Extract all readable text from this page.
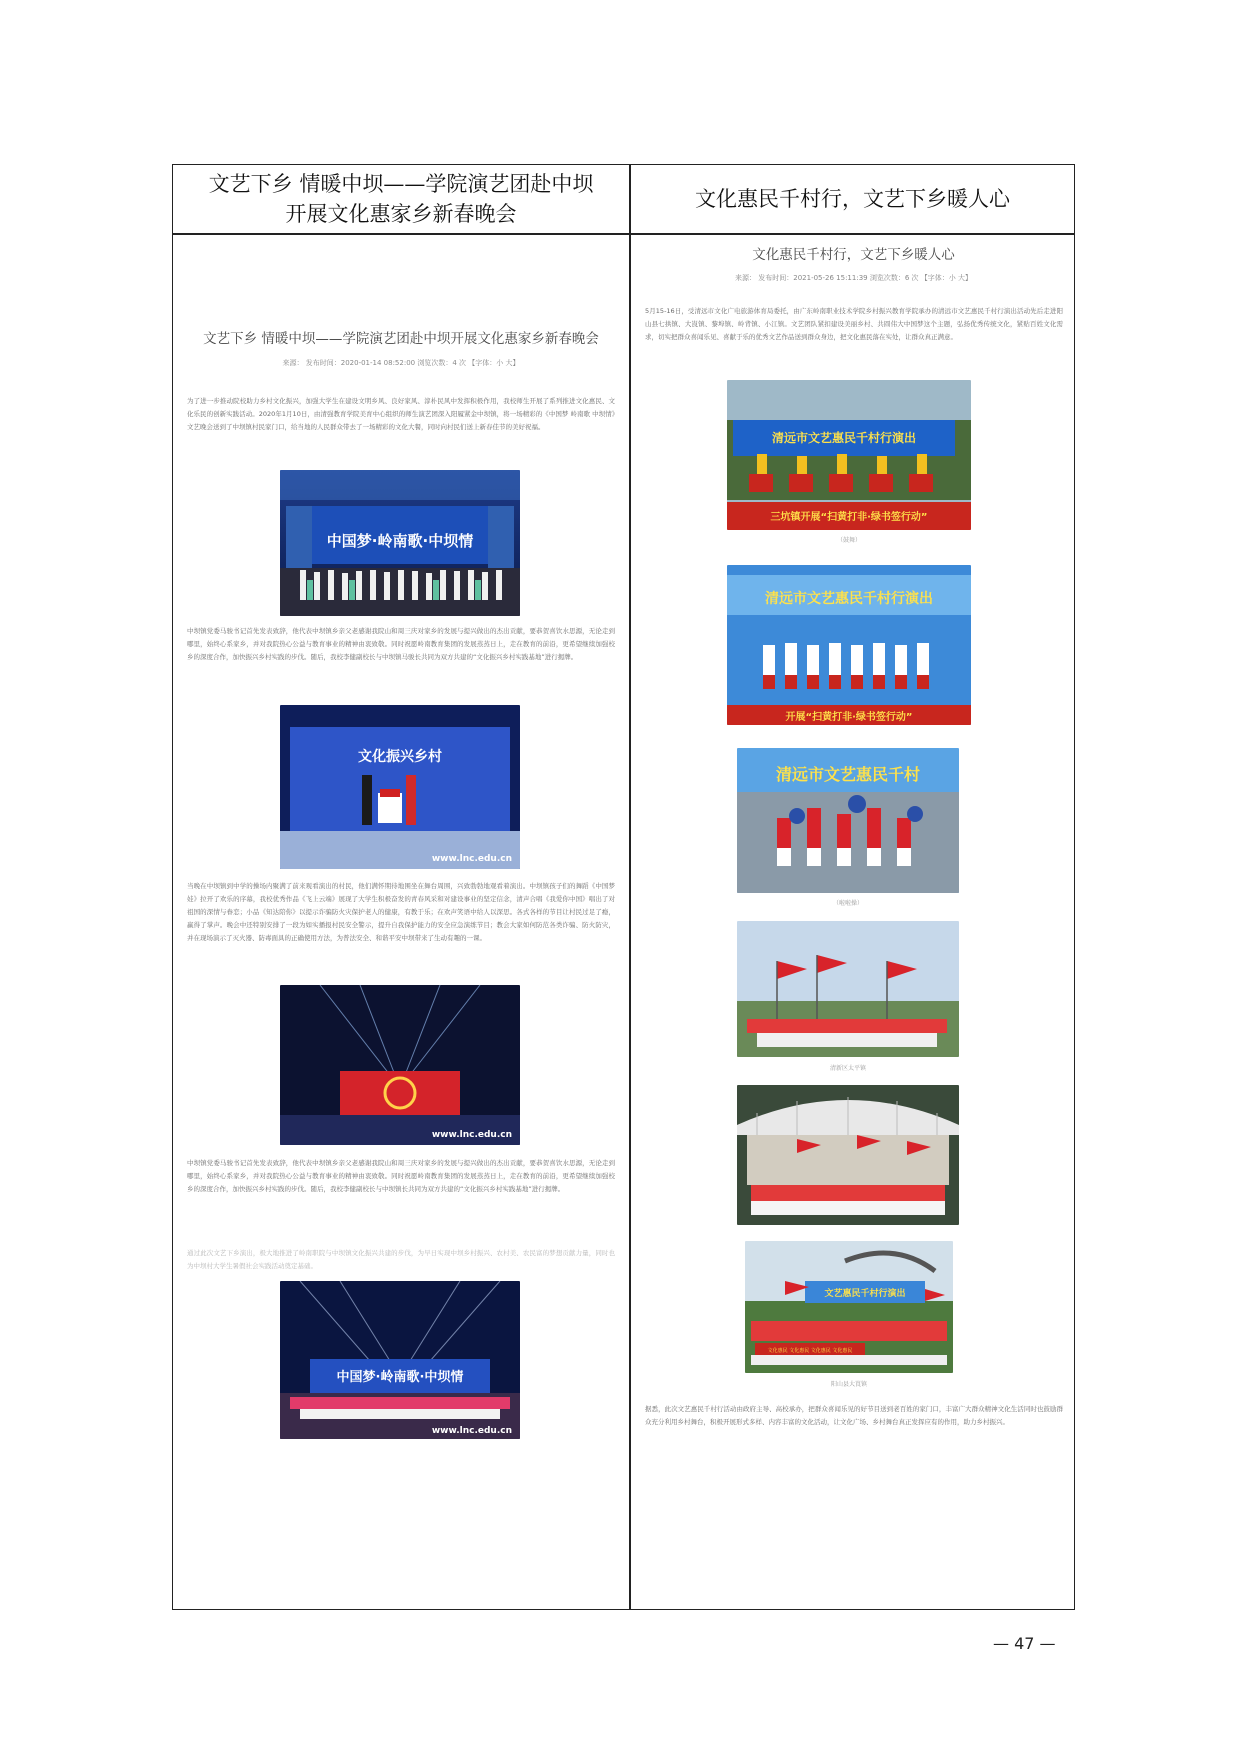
文艺下乡 情暖中坝——学院演艺团赴中坝
开展文化惠家乡新春晚会
文化惠民千村行，文艺下乡暖人心
文艺下乡 情暖中坝——学院演艺团赴中坝开展文化惠家乡新春晚会
来源： 发布时间：2020-01-14 08:52:00 浏览次数：4 次 【字体：小 大】
为了进一步推动院校助力乡村文化振兴，加强大学生在建设文明乡风、良好家风、淳朴民风中发挥积极作用，我校师生开展了系列推进文化惠民、文化乐民的创新实践活动。2020年1月10日，由清强教育学院美育中心组织的师生演艺团深入阳履紧金中坝镇，将一场精彩的《中国梦 岭南歌 中坝情》文艺晚会送到了中坝镇村民家门口，给当地的人民群众带去了一场精彩的文化大餐，同时向村民们送上新春佳节的美好祝福。
中国梦·岭南歌·中坝情
中坝镇党委马骏书记首先发表致辞，他代表中坝镇乡亲父老感谢我院山和周三庆对家乡的发展与提兴做出的杰出贡献，要恭贺喜饮水思源，无论走到哪里，始终心系家乡，并对我院热心公益与教育事业的精神由衷致敬。同时祝愿岭南教育集团的发展蒸蒸日上，走在教育的前沿，更希望继续加强校乡的深度合作，加快振兴乡村实践的步伐。随后，我校李健副校长与中坝镇马骏长共同为双方共建的“文化振兴乡村实践基地”进行揭牌。
文化振兴乡村
www.lnc.edu.cn
当晚在中坝镇到中学的操场内聚满了前来观看演出的村民，他们满怀期待地围坐在舞台周围，兴致勃勃地观看着演出。中坝镇孩子们的舞蹈《中国梦娃》拉开了欢乐的序幕，我校优秀作品《飞上云端》展现了大学生积极奋发的青春风采和对建设事业的坚定信念，清声合唱《我爱你中国》唱出了对祖国的深情与眷恋；小品《知达陪你》以提示诈骗防火灾保护老人的健康，有教于乐；在欢声笑语中给人以深思。各式各样的节目让村民过足了瘾，赢得了掌声。晚会中还特别安排了一段为如实播报村民安全警示，提升自我保护能力的安全应急演练节目；教会大家如何防范各类诈骗、防火防灾，并在现场演示了灭火器、防毒面具的正确使用方法，为普法安全、和谐平安中坝带来了生动有趣的一课。
www.lnc.edu.cn
中坝镇党委马骏书记首先发表致辞，他代表中坝镇乡亲父老感谢我院山和周三庆对家乡的发展与提兴做出的杰出贡献，要恭贺喜饮水思源，无论走到哪里，始终心系家乡，并对我院热心公益与教育事业的精神由衷致敬。同时祝愿岭南教育集团的发展蒸蒸日上，走在教育的前沿，更希望继续加强校乡的深度合作，加快振兴乡村实践的步伐。随后，我校李健副校长与中坝镇长共同为双方共建的“文化振兴乡村实践基地”进行揭牌。
通过此次文艺下乡演出，极大地推进了岭南职院与中坝镇文化振兴共建的步伐，为早日实现中坝乡村振兴、农村美、农民富的梦想贡献力量，同时也为中坝村大学生暑假社会实践活动奠定基础。
中国梦·岭南歌·中坝情
www.lnc.edu.cn
文化惠民千村行，文艺下乡暖人心
来源： 发布时间：2021-05-26 15:11:39 浏览次数：6 次 【字体：小 大】
5月15-16日，受清远市文化广电旅游体育局委托，由广东岭南职业技术学院乡村振兴教育学院承办的清远市文艺惠民千村行演出活动先后走进阳山县七拱镇、大崀镇、黎埠镇、岭背镇、小江镇。文艺团队紧扣建设美丽乡村、共圆伟大中国梦这个主题，弘扬优秀传统文化，紧贴百姓文化需求，切实把群众喜闻乐见、喜献于乐的优秀文艺作品送到群众身边，把文化惠民落在实处，让群众真正满意。
清远市文艺惠民千村行演出
三坑镇开展“扫黄打非·绿书签行动”
（鼓舞）
清远市文艺惠民千村行演出
开展“扫黄打非·绿书签行动”
清远市文艺惠民千村
（啦啦操）
清新区太平镇
文艺惠民千村行演出
文化惠民 文化惠民 文化惠民 文化惠民
阳山县大崀镇
据悉，此次文艺惠民千村行活动由政府主导、高校承办，把群众喜闻乐见的好节目送到老百姓的家门口，丰富广大群众精神文化生活同时也鼓励群众充分利用乡村舞台，积极开展形式多样、内容丰富的文化活动，让文化广场、乡村舞台真正发挥应有的作用，助力乡村振兴。
— 47 —
